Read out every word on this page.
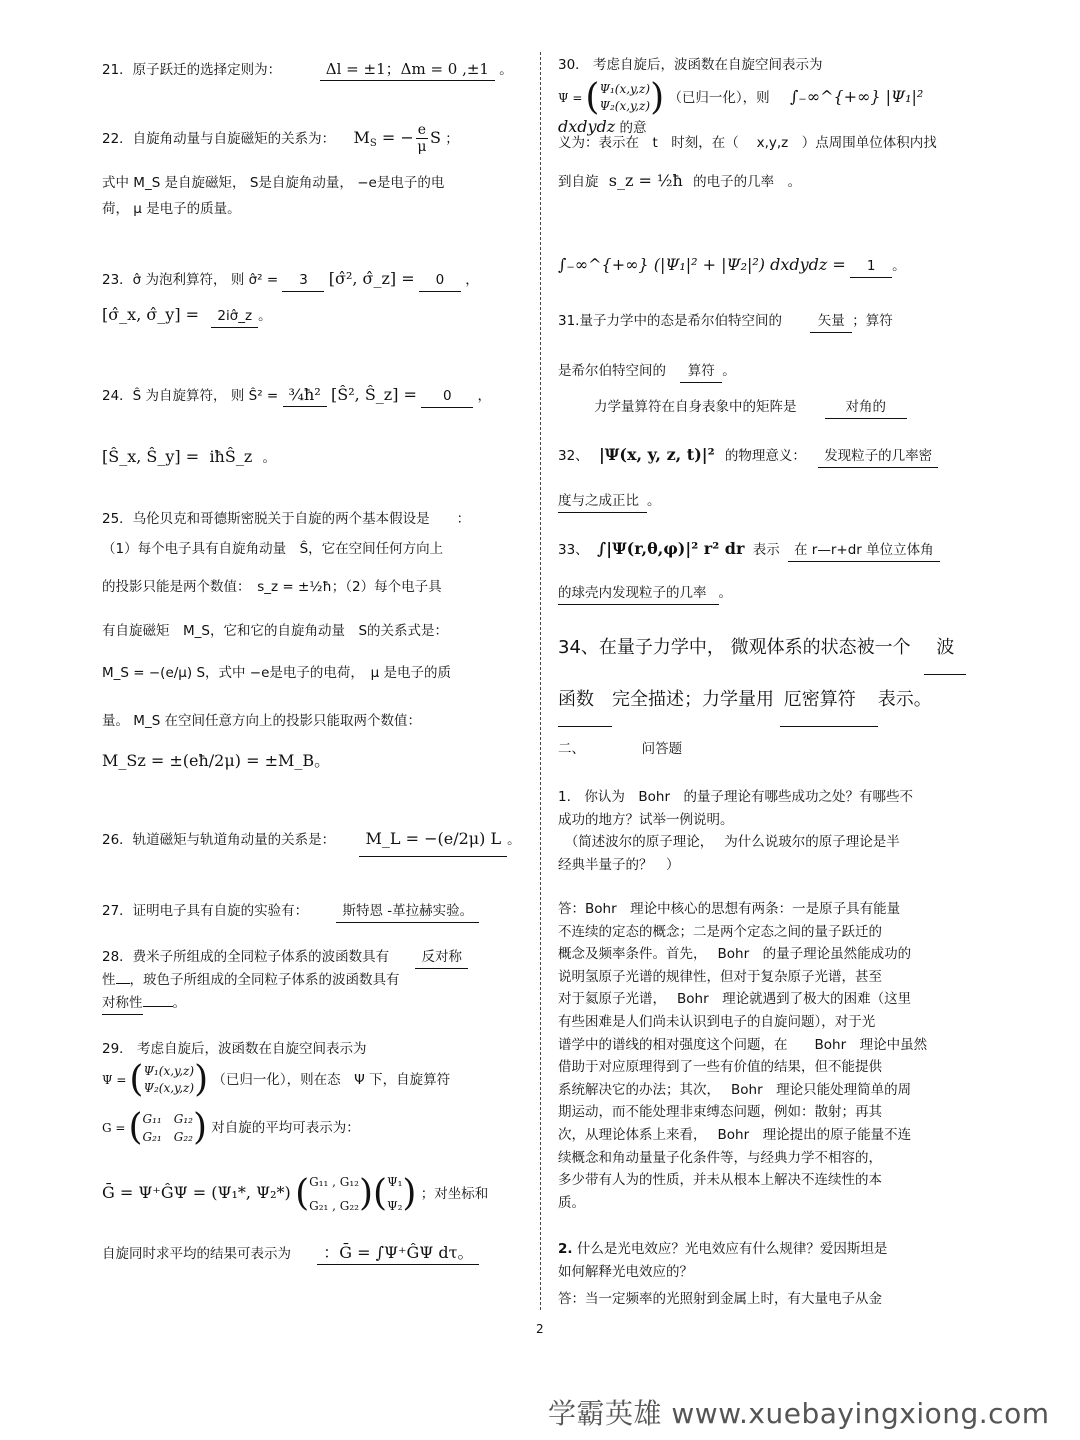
21．原子跃迁的选择定则为：	Δl = ±1；Δm = 0 ,±1 。
22．自旋角动量与自旋磁矩的关系为： $M_S$ = − $\frac{e}{\mu}$ S ；
式中 M_S 是自旋磁矩， S是自旋角动量， −e是电子的电
荷， μ 是电子的质量。
23．σ̂ 为泡利算符， 则 σ̂² = 3 [σ̂², σ̂_z] = 0 ，
[σ̂_x, σ̂_y] = 2iσ̂_z 。
24．Ŝ 为自旋算符， 则 Ŝ² = ¾ħ² [Ŝ², Ŝ_z] = 0 ，
[Ŝ_x, Ŝ_y] = iħŜ_z 。
25．乌伦贝克和哥德斯密脱关于自旋的两个基本假设是　　：
（1）每个电子具有自旋角动量　Ŝ，它在空间任何方向上
的投影只能是两个数值：　s_z = ±½ħ；（2）每个电子具
有自旋磁矩　M_S，它和它的自旋角动量　S的关系式是：
M_S = −(e/μ) S，式中 −e是电子的电荷，　μ 是电子的质
量。 M_S 在空间任意方向上的投影只能取两个数值：
M_Sz = ±(eħ/2μ) = ±M_B。
26．轨道磁矩与轨道角动量的关系是： M_L = −(e/2μ) L 。
27．证明电子具有自旋的实验有：	斯特恩 -革拉赫实验。
28．费米子所组成的全同粒子体系的波函数具有 反对称
性 ，玻色子所组成的全同粒子体系的波函数具有
对称性 。
29． 考虑自旋后，波函数在自旋空间表示为
Ψ = ( Ψ₁(x,y,z)
Ψ₂(x,y,z) ) （已归一化），则在态　Ψ 下，自旋算符
G = ( G₁₁ G₁₂
G₂₁ G₂₂ ) 对自旋的平均可表示为：
Ḡ = Ψ⁺ĜΨ = (Ψ₁*, Ψ₂*) ( G₁₁ , G₁₂
G₂₁ , G₂₂ ) ( Ψ₁
Ψ₂ ) ；对坐标和
自旋同时求平均的结果可表示为 ：Ḡ = ∫Ψ⁺ĜΨ dτ。
30． 考虑自旋后，波函数在自旋空间表示为
Ψ = ( Ψ₁(x,y,z)
Ψ₂(x,y,z) ) （已归一化），则 ∫₋∞^{+∞} |Ψ₁|² dxdydz 的意
义为：表示在　t　时刻，在（　 x,y,z　）点周围单位体积内找
到自旋 s_z = ½ħ 的电子的几率　。
∫₋∞^{+∞} (|Ψ₁|² + |Ψ₂|²) dxdydz = 1 。
31.量子力学中的态是希尔伯特空间的	矢量 ；算符
是希尔伯特空间的 算符 。
力学量算符在自身表象中的矩阵是	对角的
32、 |Ψ(x, y, z, t)|² 的物理意义： 发现粒子的几率密
度与之成正比 。
33、 ∫|Ψ(r,θ,φ)|² r² dr 表示 在 r—r+dr 单位立体角
的球壳内发现粒子的几率 。
34、在量子力学中， 微观体系的状态被一个 波
函数 完全描述；力学量用 厄密算符 表示。
二、	问答题
1.　你认为　Bohr　的量子理论有哪些成功之处？有哪些不
成功的地方？试举一例说明。
　（简述波尔的原子理论，　 为什么说玻尔的原子理论是半
经典半量子的？　）
答：Bohr　理论中核心的思想有两条：一是原子具有能量
不连续的定态的概念；二是两个定态之间的量子跃迁的
概念及频率条件。首先，　 Bohr　的量子理论虽然能成功的
说明氢原子光谱的规律性，但对于复杂原子光谱，甚至
对于氦原子光谱，　 Bohr　理论就遇到了极大的困难（这里
有些困难是人们尚未认识到电子的自旋问题），对于光
谱学中的谱线的相对强度这个问题，在　　Bohr　理论中虽然
借助于对应原理得到了一些有价值的结果，但不能提供
系统解决它的办法；其次，　 Bohr　理论只能处理简单的周
期运动，而不能处理非束缚态问题，例如：散射；再其
次，从理论体系上来看，　 Bohr　理论提出的原子能量不连
续概念和角动量量子化条件等，与经典力学不相容的，
多少带有人为的性质，并未从根本上解决不连续性的本
质。
2. 什么是光电效应？光电效应有什么规律？爱因斯坦是
如何解释光电效应的？
答：当一定频率的光照射到金属上时，有大量电子从金
2
学霸英雄 www.xuebayingxiong.com
